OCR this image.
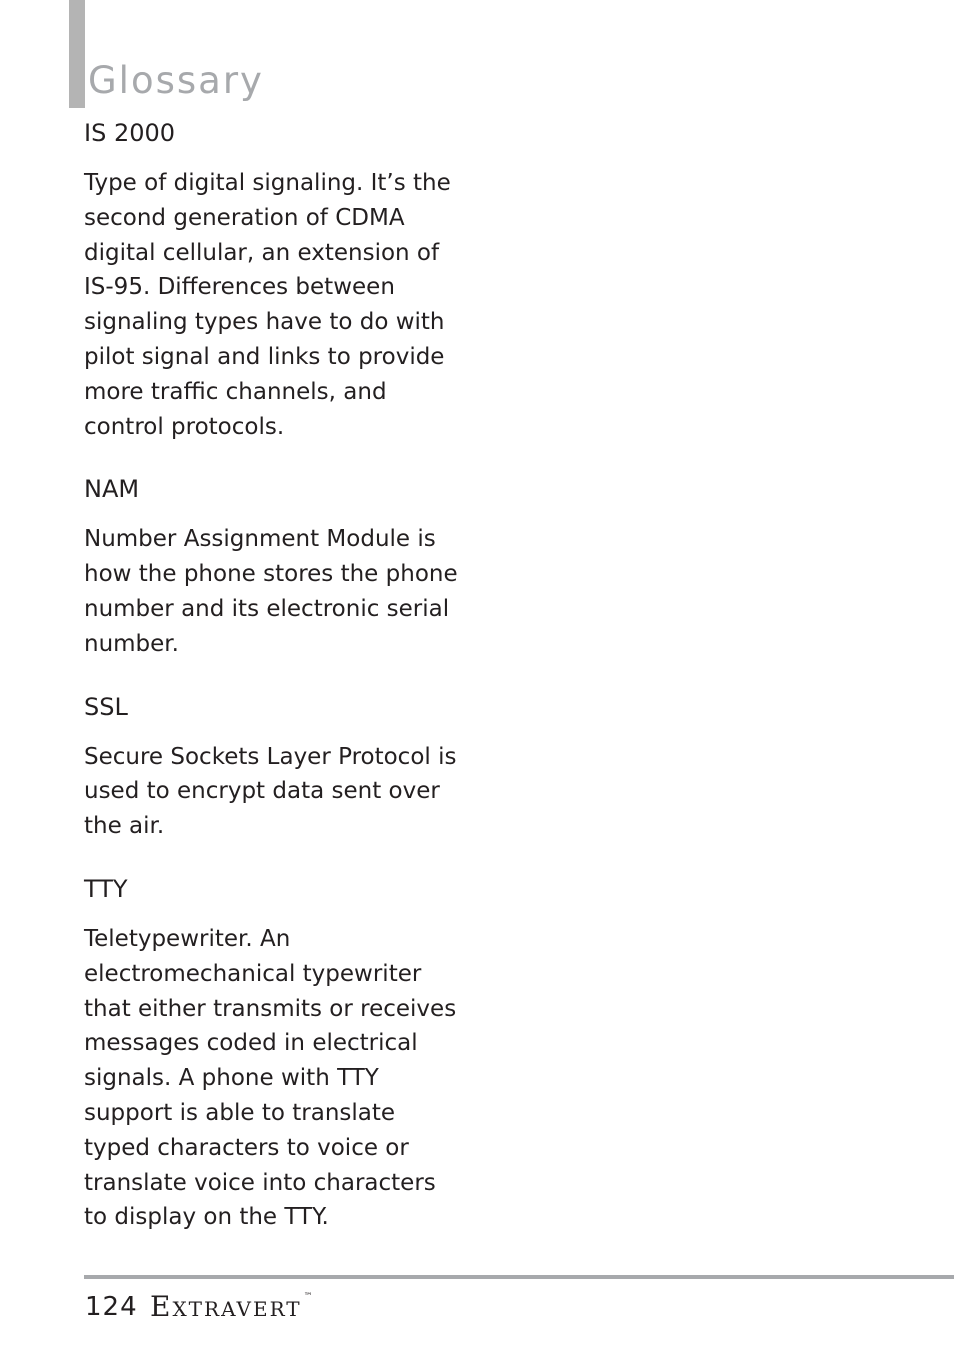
Glossary
IS 2000

Type of digital signaling. It’s the second generation of CDMA digital cellular, an extension of IS-95. Differences between signaling types have to do with pilot signal and links to provide more traffic channels, and control protocols.

NAM

Number Assignment Module is how the phone stores the phone number and its electronic serial number.

SSL

Secure Sockets Layer Protocol is used to encrypt data sent over the air.

TTY

Teletypewriter. An electromechanical typewriter that either transmits or receives messages coded in electrical signals. A phone with TTY support is able to translate typed characters to voice or translate voice into characters to display on the TTY.

124 Extravert ™
